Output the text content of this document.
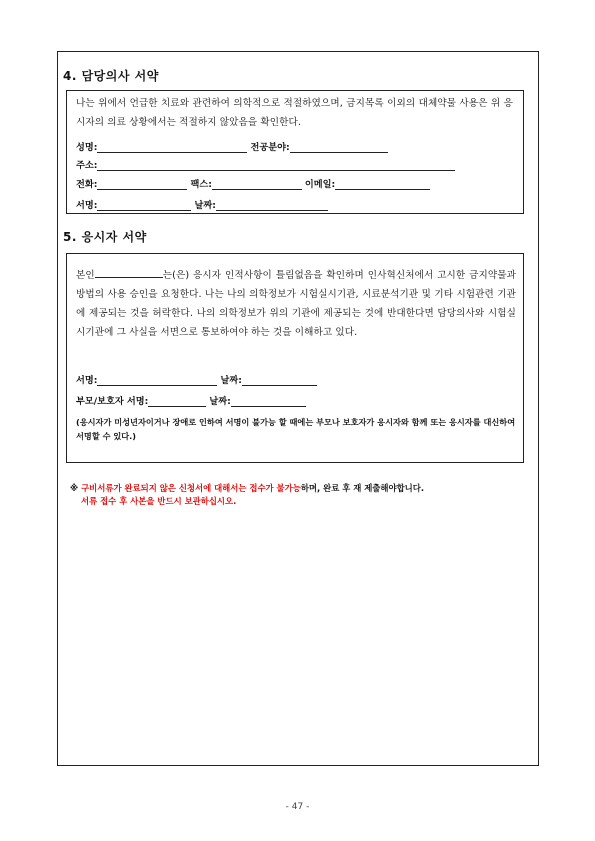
4. 담당의사 서약
나는 위에서 언급한 치료와 관련하여 의학적으로 적절하였으며, 금지목록 이외의 대체약물 사용은 위 응시자의 의료 상황에서는 적절하지 않았음을 확인한다.
성명:	전공분야:
주소:
전화:	팩스:	이메일:
서명:	날짜:
5. 응시자 서약
본인	는(은) 응시자 인적사항이 틀림없음을 확인하며 인사혁신처에서 고시한 금지약물과 방법의 사용 승인을 요청한다. 나는 나의 의학정보가 시험실시기관, 시료분석기관 및 기타 시험관련 기관에 제공되는 것을 허락한다. 나의 의학정보가 위의 기관에 제공되는 것에 반대한다면 담당의사와 시험실시기관에 그 사실을 서면으로 통보하여야 하는 것을 이해하고 있다.
서명:	날짜:
부모/보호자 서명:	날짜:
(응시자가 미성년자이거나 장애로 인하여 서명이 불가능 할 때에는 부모나 보호자가 응시자와 함께 또는 응시자를 대신하여 서명할 수 있다.)
※ 구비서류가 완료되지 않은 신청서에 대해서는 접수가 불가능하며, 완료 후 재 제출해야합니다.
서류 접수 후 사본을 반드시 보관하십시오.
- 47 -
